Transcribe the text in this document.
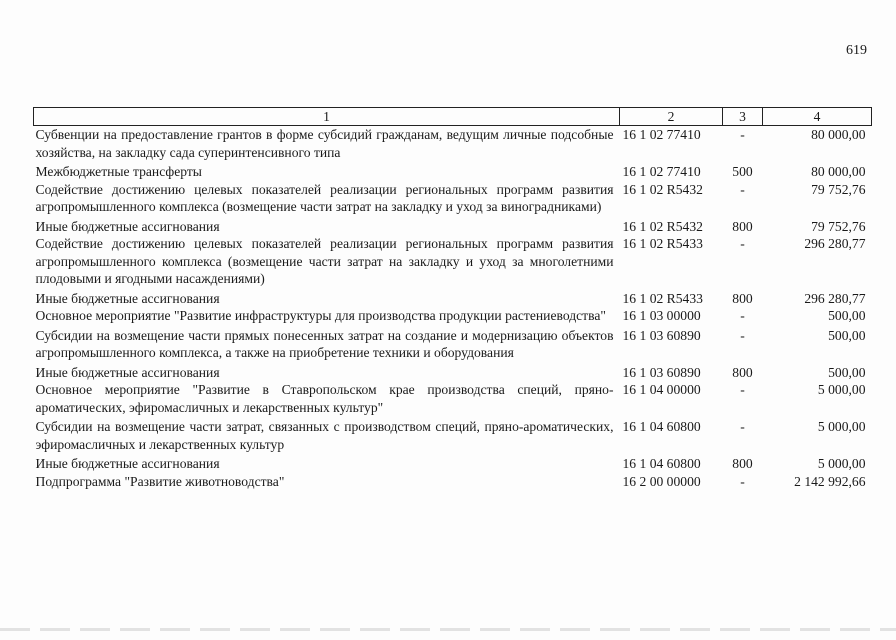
619
1	2	3	4
Субвенции на предоставление грантов в форме субсидий гражданам, ведущим личные подсобные хозяйства, на закладку сада суперинтенсивного типа	16 1 02 77410	-	80 000,00
Межбюджетные трансферты	16 1 02 77410	500	80 000,00
Содействие достижению целевых показателей реализации региональных программ развития агропромышленного комплекса (возмещение части затрат на закладку и уход за виноградниками)	16 1 02 R5432	-	79 752,76
Иные бюджетные ассигнования	16 1 02 R5432	800	79 752,76
Содействие достижению целевых показателей реализации региональных программ развития агропромышленного комплекса (возмещение части затрат на закладку и уход за многолетними плодовыми и ягодными насаждениями)	16 1 02 R5433	-	296 280,77
Иные бюджетные ассигнования	16 1 02 R5433	800	296 280,77
Основное мероприятие "Развитие инфраструктуры для производства продукции растениеводства"	16 1 03 00000	-	500,00
Субсидии на возмещение части прямых понесенных затрат на создание и модернизацию объектов агропромышленного комплекса, а также на приобретение техники и оборудования	16 1 03 60890	-	500,00
Иные бюджетные ассигнования	16 1 03 60890	800	500,00
Основное мероприятие "Развитие в Ставропольском крае производства специй, пряно-ароматических, эфиромасличных и лекарственных культур"	16 1 04 00000	-	5 000,00
Субсидии на возмещение части затрат, связанных с производством специй, пряно-ароматических, эфиромасличных и лекарственных культур	16 1 04 60800	-	5 000,00
Иные бюджетные ассигнования	16 1 04 60800	800	5 000,00
Подпрограмма "Развитие животноводства"	16 2 00 00000	-	2 142 992,66
